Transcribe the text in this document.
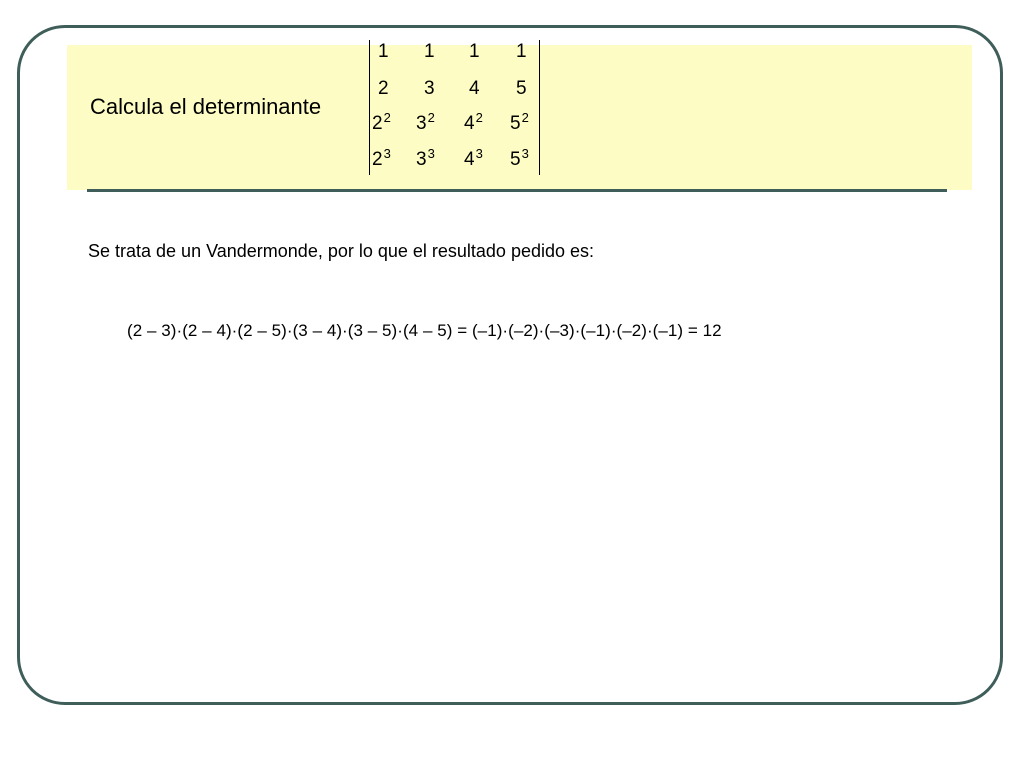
Calcula el determinante
1 1 1 1
2 3 4 5
$2^2$ $3^2$ $4^2$ $5^2$
$2^3$ $3^3$ $4^3$ $5^3$
Se trata de un Vandermonde, por lo que el resultado pedido es:
(2 – 3)·(2 – 4)·(2 – 5)·(3 – 4)·(3 – 5)·(4 – 5) = (–1)·(–2)·(–3)·(–1)·(–2)·(–1) = 12
